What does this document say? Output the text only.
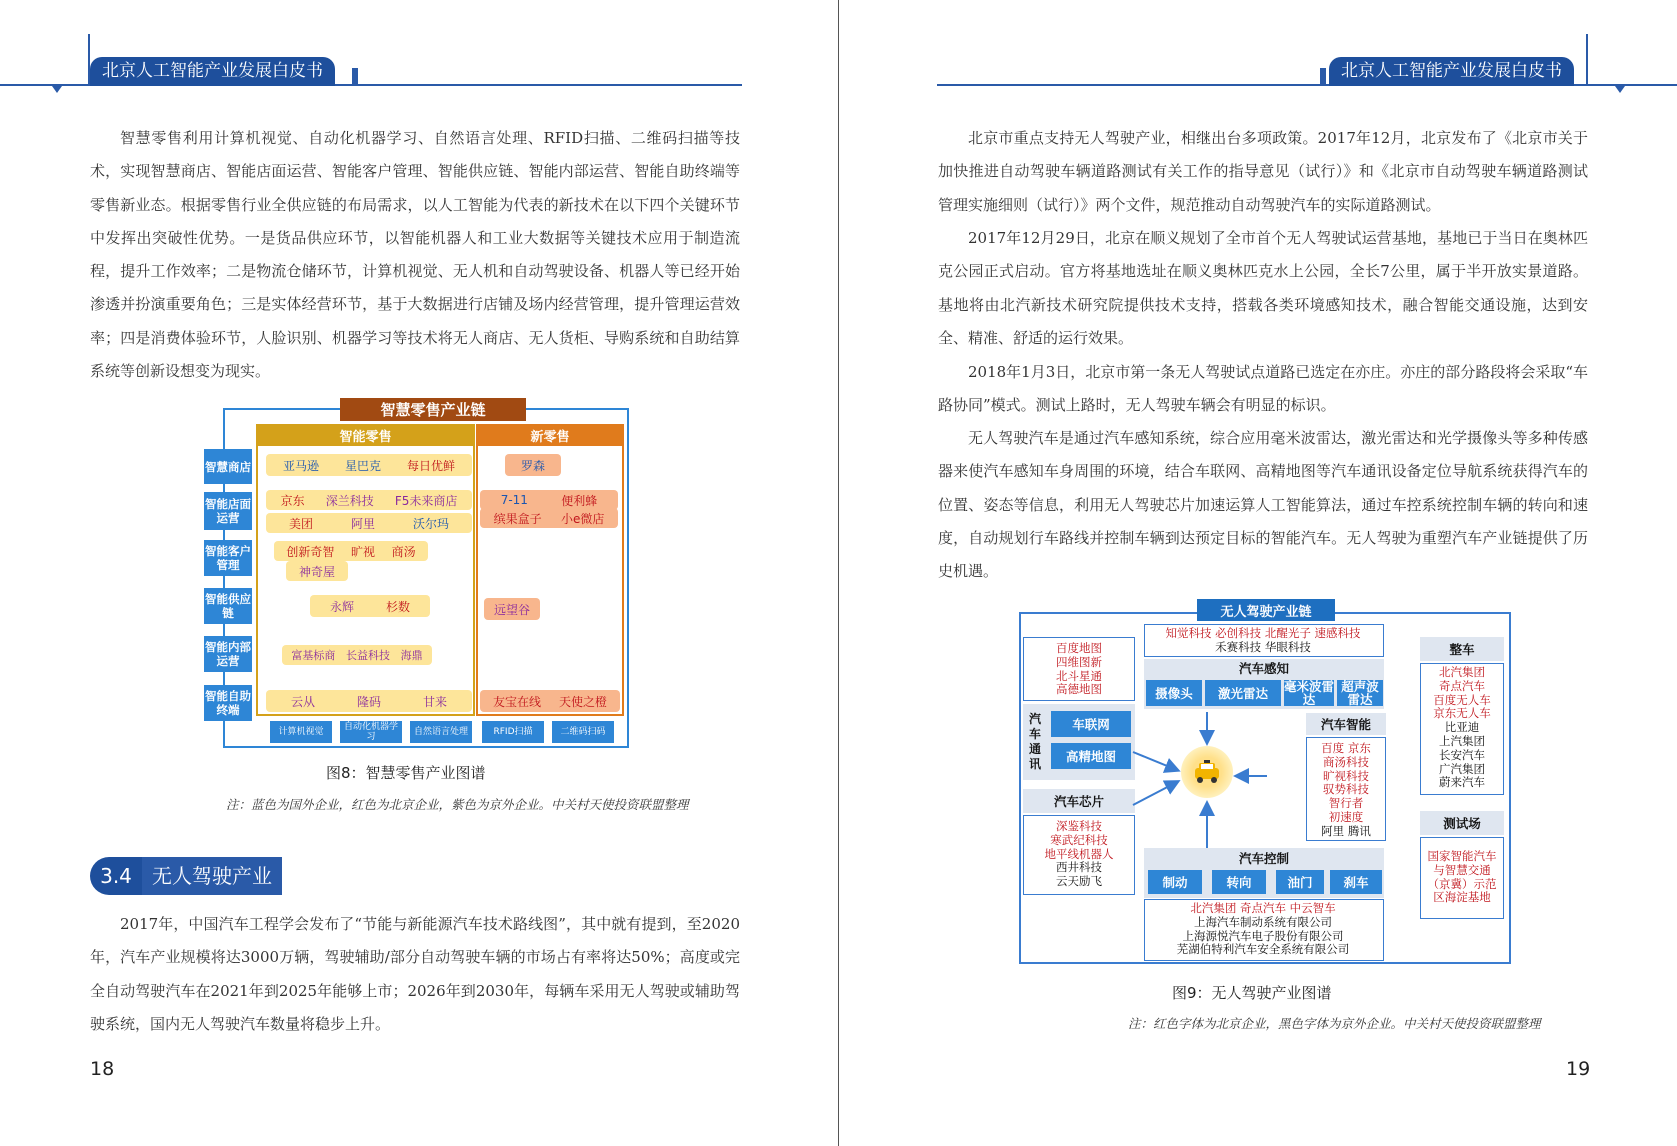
北京人工智能产业发展白皮书

智慧零售利用计算机视觉、自动化机器学习、自然语言处理、RFID扫描、二维码扫描等技术，实现智慧商店、智能店面运营、智能客户管理、智能供应链、智能内部运营、智能自助终端等零售新业态。根据零售行业全供应链的布局需求，以人工智能为代表的新技术在以下四个关键环节中发挥出突破性优势。一是货品供应环节，以智能机器人和工业大数据等关键技术应用于制造流程，提升工作效率；二是物流仓储环节，计算机视觉、无人机和自动驾驶设备、机器人等已经开始渗透并扮演重要角色；三是实体经营环节，基于大数据进行店铺及场内经营管理，提升管理运营效率；四是消费体验环节，人脸识别、机器学习等技术将无人商店、无人货柜、导购系统和自助结算系统等创新设想变为现实。

智慧零售产业链
智能零售	新零售
智慧商店
智能店面运营
智能客户管理
智能供应链
智能内部运营
智能自助终端
计算机视觉	自动化机器学习	自然语言处理	RFID扫描	二维码扫码
亚马逊 星巴克 每日优鲜	罗森
京东 深兰科技 F5未来商店	7-11	便利蜂
美团	阿里	沃尔玛	缤果盒子 小e微店
创新奇智 旷视 商汤
神奇屋
永辉	杉数	远望谷
富基标商 长益科技 海鼎
云从	隆码	甘来	友宝在线 天使之橙
图8：智慧零售产业图谱
注：蓝色为国外企业，红色为北京企业，紫色为京外企业。中关村天使投资联盟整理
3.4	无人驾驶产业

2017年，中国汽车工程学会发布了“节能与新能源汽车技术路线图”，其中就有提到，至2020年，汽车产业规模将达3000万辆，驾驶辅助/部分自动驾驶车辆的市场占有率将达50%；高度或完全自动驾驶汽车在2021年到2025年能够上市；2026年到2030年，每辆车采用无人驾驶或辅助驾驶系统，国内无人驾驶汽车数量将稳步上升。

18
北京人工智能产业发展白皮书

北京市重点支持无人驾驶产业，相继出台多项政策。2017年12月，北京发布了《北京市关于加快推进自动驾驶车辆道路测试有关工作的指导意见（试行）》和《北京市自动驾驶车辆道路测试管理实施细则（试行）》两个文件，规范推动自动驾驶汽车的实际道路测试。

2017年12月29日，北京在顺义规划了全市首个无人驾驶试运营基地，基地已于当日在奥林匹克公园正式启动。官方将基地选址在顺义奥林匹克水上公园，全长7公里，属于半开放实景道路。基地将由北汽新技术研究院提供技术支持，搭载各类环境感知技术，融合智能交通设施，达到安全、精准、舒适的运行效果。

2018年1月3日，北京市第一条无人驾驶试点道路已选定在亦庄。亦庄的部分路段将会采取“车路协同”模式。测试上路时，无人驾驶车辆会有明显的标识。

无人驾驶汽车是通过汽车感知系统，综合应用毫米波雷达，激光雷达和光学摄像头等多种传感器来使汽车感知车身周围的环境，结合车联网、高精地图等汽车通讯设备定位导航系统获得汽车的位置、姿态等信息，利用无人驾驶芯片加速运算人工智能算法，通过车控系统控制车辆的转向和速度，自动规划行车路线并控制车辆到达预定目标的智能汽车。无人驾驶为重塑汽车产业链提供了历史机遇。

无人驾驶产业链
知觉科技 必创科技 北醒光子 速感科技
禾赛科技 华眼科技
汽车感知
摄像头	激光雷达	毫米波雷达
超声波雷达
百度地图
四维图新
北斗星通
高德地图
汽车通讯
车联网
高精地图
汽车芯片
深鉴科技
寒武纪科技
地平线机器人
西井科技
云天励飞
汽车智能
百度 京东
商汤科技
旷视科技
驭势科技
智行者
初速度
阿里 腾讯
汽车控制
制动	转向	油门	刹车
北汽集团 奇点汽车 中云智车
上海汽车制动系统有限公司
上海源悦汽车电子股份有限公司
芜湖伯特利汽车安全系统有限公司
整车
北汽集团
奇点汽车
百度无人车
京东无人车
比亚迪
上汽集团
长安汽车
广汽集团
蔚来汽车
测试场
国家智能汽车与智慧交通（京冀）示范区海淀基地
图9：无人驾驶产业图谱
注：红色字体为北京企业，黑色字体为京外企业。中关村天使投资联盟整理
19
